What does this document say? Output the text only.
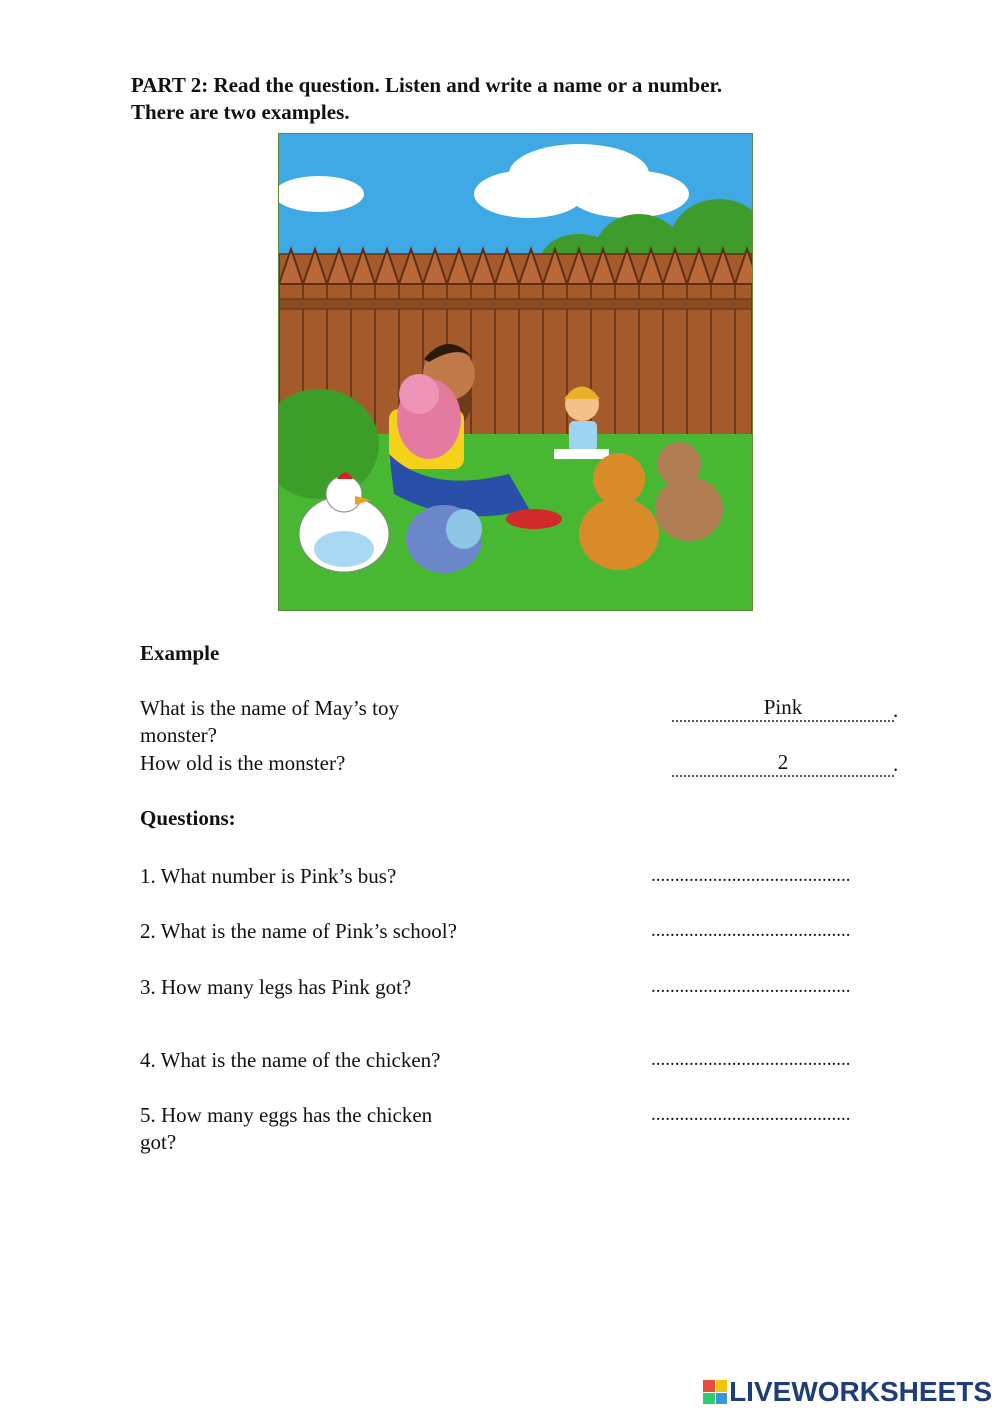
PART 2: Read the question. Listen and write a name or a number.
There are two examples.
Example
What is the name of May’s toy
monster?
Pink	.
How old is the monster?	2	.
Questions:
1. What number is Pink’s bus?	..........................................
2. What is the name of Pink’s school?	..........................................
3. How many legs has Pink got?	..........................................
4. What is the name of the chicken?	..........................................
5. How many eggs has the chicken
got?
..........................................
LIVEWORKSHEETS
